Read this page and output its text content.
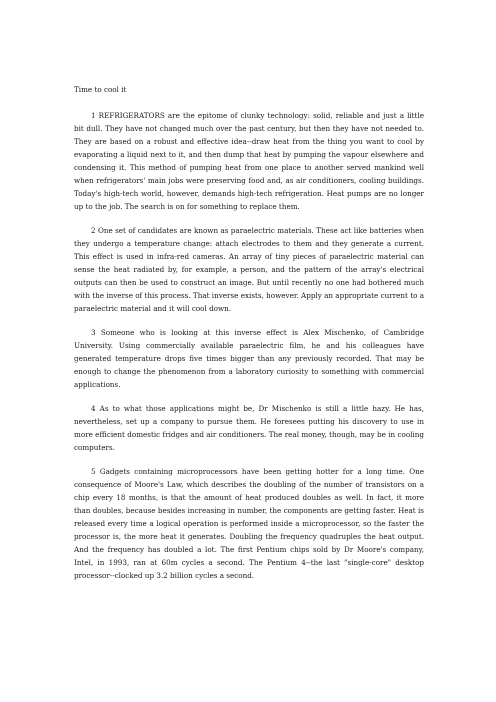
Time to cool it

1 REFRIGERATORS are the epitome of clunky technology: solid, reliable and just a little bit dull. They have not changed much over the past century, but then they have not needed to. They are based on a robust and effective idea--draw heat from the thing you want to cool by evaporating a liquid next to it, and then dump that heat by pumping the vapour elsewhere and condensing it. This method of pumping heat from one place to another served mankind well when refrigerators' main jobs were preserving food and, as air conditioners, cooling buildings. Today's high-tech world, however, demands high-tech refrigeration. Heat pumps are no longer up to the job. The search is on for something to replace them.

2 One set of candidates are known as paraelectric materials. These act like batteries when they undergo a temperature change: attach electrodes to them and they generate a current. This effect is used in infra-red cameras. An array of tiny pieces of paraelectric material can sense the heat radiated by, for example, a person, and the pattern of the array's electrical outputs can then be used to construct an image. But until recently no one had bothered much with the inverse of this process. That inverse exists, however. Apply an appropriate current to a paraelectric material and it will cool down.

3 Someone who is looking at this inverse effect is Alex Mischenko, of Cambridge University. Using commercially available paraelectric film, he and his colleagues have generated temperature drops five times bigger than any previously recorded. That may be enough to change the phenomenon from a laboratory curiosity to something with commercial applications.

4 As to what those applications might be, Dr Mischenko is still a little hazy. He has, nevertheless, set up a company to pursue them. He foresees putting his discovery to use in more efficient domestic fridges and air conditioners. The real money, though, may be in cooling computers.

5 Gadgets containing microprocessors have been getting hotter for a long time. One consequence of Moore's Law, which describes the doubling of the number of transistors on a chip every 18 months, is that the amount of heat produced doubles as well. In fact, it more than doubles, because besides increasing in number, the components are getting faster. Heat is released every time a logical operation is performed inside a microprocessor, so the faster the processor is, the more heat it generates. Doubling the frequency quadruples the heat output. And the frequency has doubled a lot. The first Pentium chips sold by Dr Moore's company, Intel, in 1993, ran at 60m cycles a second. The Pentium 4--the last "single-core" desktop processor--clocked up 3.2 billion cycles a second.
